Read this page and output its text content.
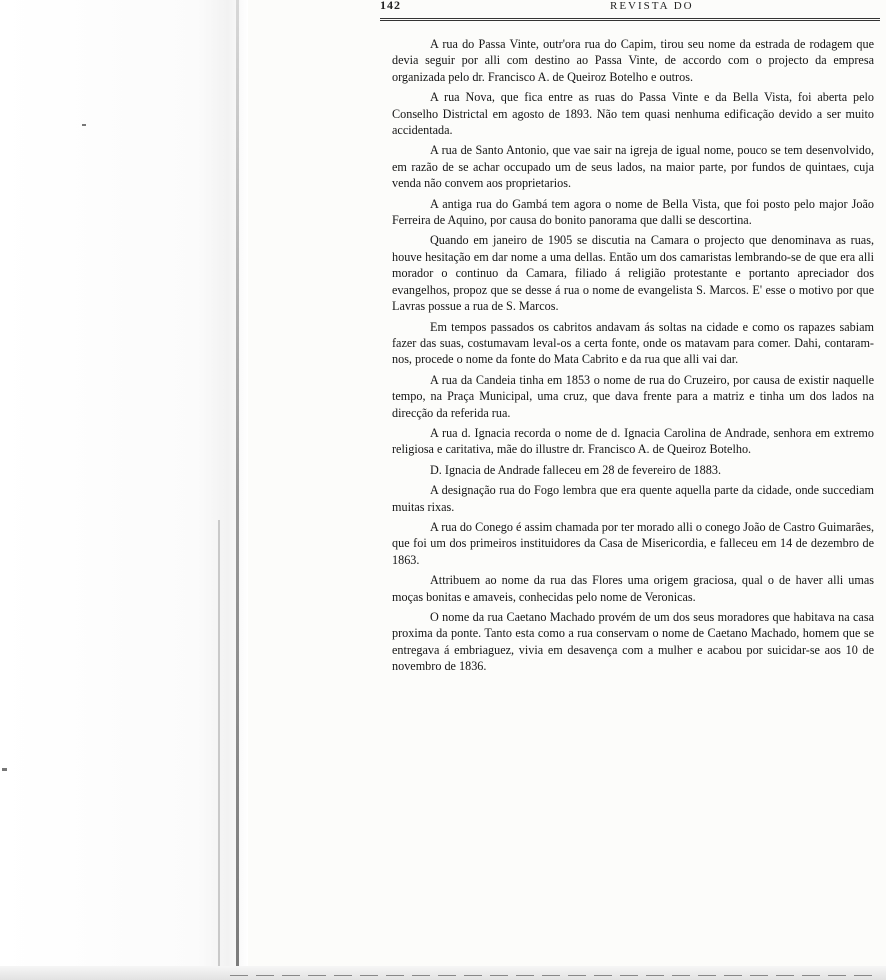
142	REVISTA DO

A rua do Passa Vinte, outr'ora rua do Capim, tirou seu nome da estrada de rodagem que devia seguir por alli com destino ao Passa Vinte, de accordo com o projecto da empresa organizada pelo dr. Francisco A. de Queiroz Botelho e outros.

A rua Nova, que fica entre as ruas do Passa Vinte e da Bella Vista, foi aberta pelo Conselho Districtal em agosto de 1893. Não tem quasi nenhuma edificação devido a ser muito accidentada.

A rua de Santo Antonio, que vae sair na igreja de igual nome, pouco se tem desenvolvido, em razão de se achar occupado um de seus lados, na maior parte, por fundos de quintaes, cuja venda não convem aos proprietarios.

A antiga rua do Gambá tem agora o nome de Bella Vista, que foi posto pelo major João Ferreira de Aquino, por causa do bonito panorama que dalli se descortina.

Quando em janeiro de 1905 se discutia na Camara o projecto que denominava as ruas, houve hesitação em dar nome a uma dellas. Então um dos camaristas lembrando-se de que era alli morador o continuo da Camara, filiado á religião protestante e portanto apreciador dos evangelhos, propoz que se desse á rua o nome de evangelista S. Marcos. E' esse o motivo por que Lavras possue a rua de S. Marcos.

Em tempos passados os cabritos andavam ás soltas na cidade e como os rapazes sabiam fazer das suas, costumavam leval-os a certa fonte, onde os matavam para comer. Dahi, contaram-nos, procede o nome da fonte do Mata Cabrito e da rua que alli vai dar.

A rua da Candeia tinha em 1853 o nome de rua do Cruzeiro, por causa de existir naquelle tempo, na Praça Municipal, uma cruz, que dava frente para a matriz e tinha um dos lados na direcção da referida rua.

A rua d. Ignacia recorda o nome de d. Ignacia Carolina de Andrade, senhora em extremo religiosa e caritativa, mãe do illustre dr. Francisco A. de Queiroz Botelho.

D. Ignacia de Andrade falleceu em 28 de fevereiro de 1883.

A designação rua do Fogo lembra que era quente aquella parte da cidade, onde succediam muitas rixas.

A rua do Conego é assim chamada por ter morado alli o conego João de Castro Guimarães, que foi um dos primeiros instituidores da Casa de Misericordia, e falleceu em 14 de dezembro de 1863.

Attribuem ao nome da rua das Flores uma origem graciosa, qual o de haver alli umas moças bonitas e amaveis, conhecidas pelo nome de Veronicas.

O nome da rua Caetano Machado provém de um dos seus moradores que habitava na casa proxima da ponte. Tanto esta como a rua conservam o nome de Caetano Machado, homem que se entregava á embriaguez, vivia em desavença com a mulher e acabou por suicidar-se aos 10 de novembro de 1836.
